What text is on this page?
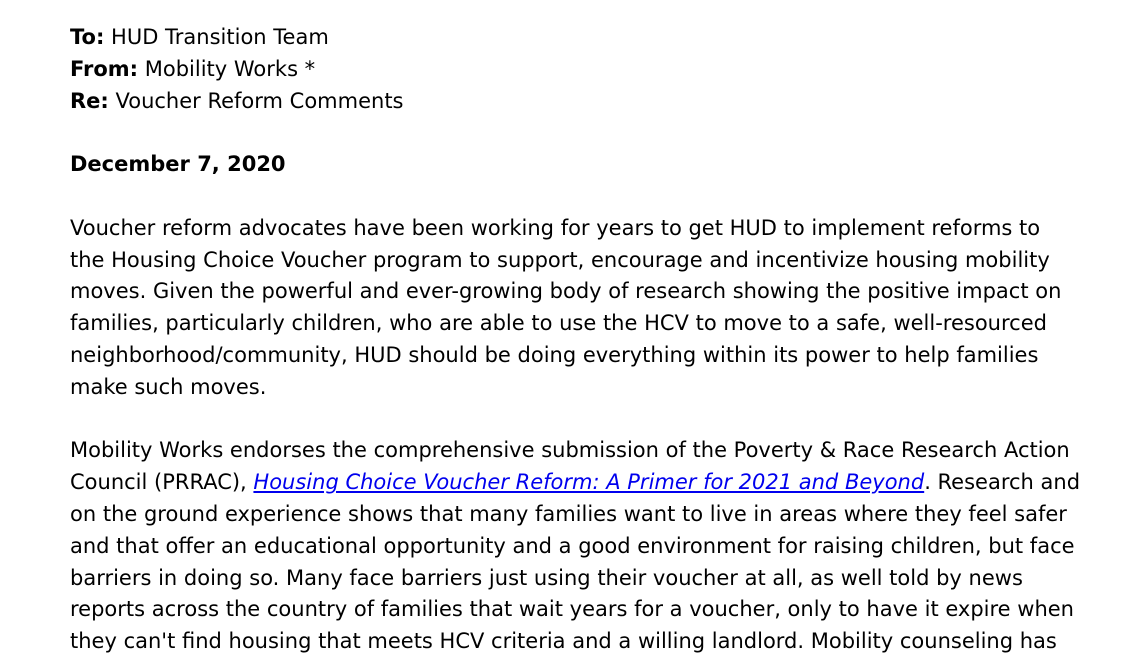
To: HUD Transition Team
From: Mobility Works *
Re: Voucher Reform Comments
December 7, 2020
Voucher reform advocates have been working for years to get HUD to implement reforms to
the Housing Choice Voucher program to support, encourage and incentivize housing mobility
moves. Given the powerful and ever-growing body of research showing the positive impact on
families, particularly children, who are able to use the HCV to move to a safe, well-resourced
neighborhood/community, HUD should be doing everything within its power to help families
make such moves.
Mobility Works endorses the comprehensive submission of the Poverty & Race Research Action
Council (PRRAC), Housing Choice Voucher Reform: A Primer for 2021 and Beyond. Research and
on the ground experience shows that many families want to live in areas where they feel safer
and that offer an educational opportunity and a good environment for raising children, but face
barriers in doing so. Many face barriers just using their voucher at all, as well told by news
reports across the country of families that wait years for a voucher, only to have it expire when
they can't find housing that meets HCV criteria and a willing landlord. Mobility counseling has
